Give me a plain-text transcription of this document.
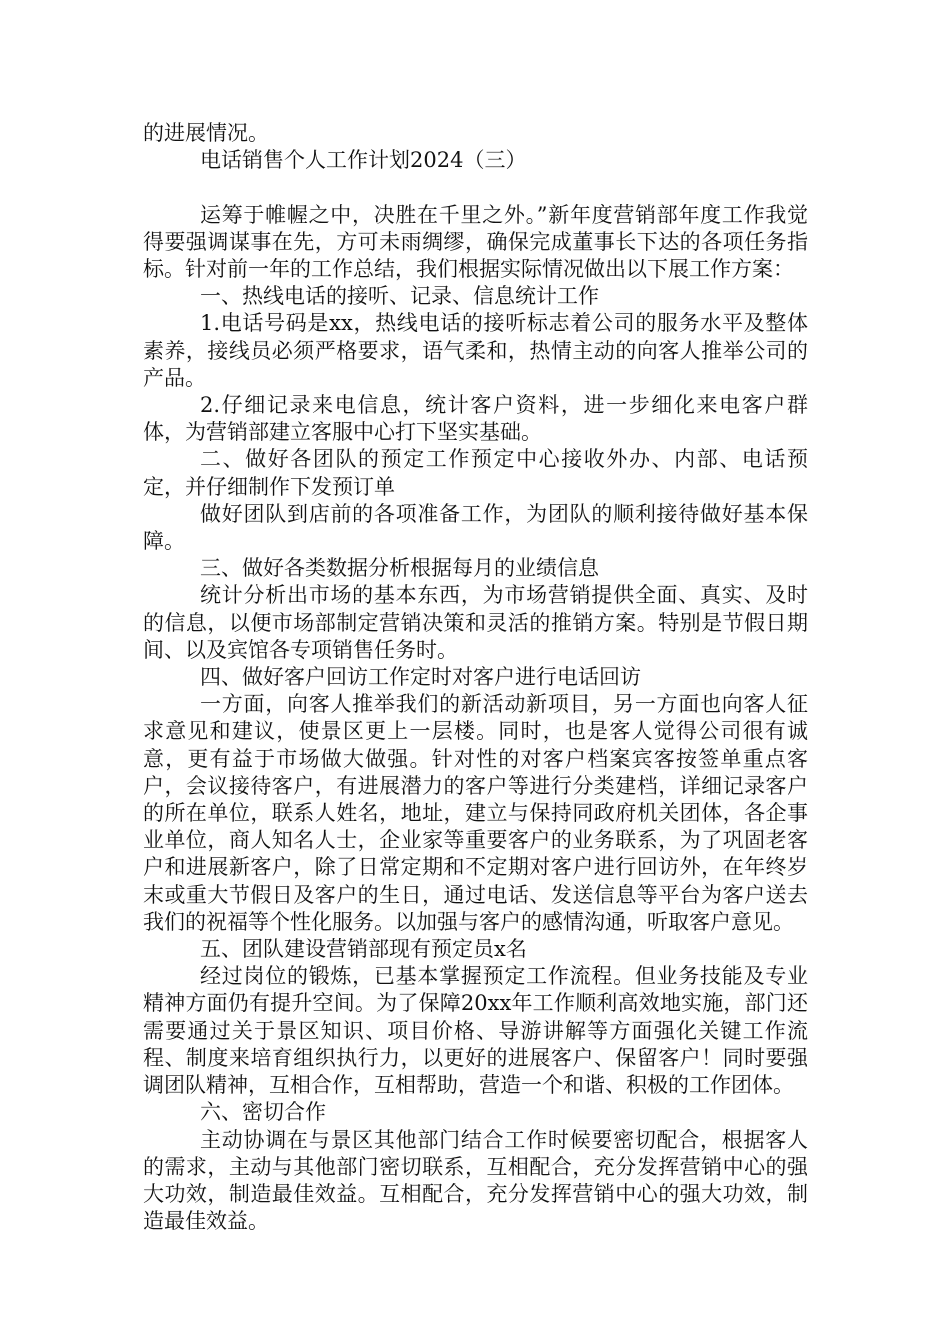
的进展情况。

电话销售个人工作计划2024（三）

运筹于帷幄之中，决胜在千里之外。”新年度营销部年度工作我觉得要强调谋事在先，方可未雨绸缪，确保完成董事长下达的各项任务指标。针对前一年的工作总结，我们根据实际情况做出以下展工作方案：

一、热线电话的接听、记录、信息统计工作

1.电话号码是xx，热线电话的接听标志着公司的服务水平及整体素养，接线员必须严格要求，语气柔和，热情主动的向客人推举公司的产品。

2.仔细记录来电信息，统计客户资料，进一步细化来电客户群体，为营销部建立客服中心打下坚实基础。

二、做好各团队的预定工作预定中心接收外办、内部、电话预定，并仔细制作下发预订单

做好团队到店前的各项准备工作，为团队的顺利接待做好基本保障。

三、做好各类数据分析根据每月的业绩信息

统计分析出市场的基本东西，为市场营销提供全面、真实、及时的信息，以便市场部制定营销决策和灵活的推销方案。特别是节假日期间、以及宾馆各专项销售任务时。

四、做好客户回访工作定时对客户进行电话回访

一方面，向客人推举我们的新活动新项目，另一方面也向客人征求意见和建议，使景区更上一层楼。同时，也是客人觉得公司很有诚意，更有益于市场做大做强。针对性的对客户档案宾客按签单重点客户，会议接待客户，有进展潜力的客户等进行分类建档，详细记录客户的所在单位，联系人姓名，地址，建立与保持同政府机关团体，各企事业单位，商人知名人士，企业家等重要客户的业务联系，为了巩固老客户和进展新客户，除了日常定期和不定期对客户进行回访外，在年终岁末或重大节假日及客户的生日，通过电话、发送信息等平台为客户送去我们的祝福等个性化服务。以加强与客户的感情沟通，听取客户意见。

五、团队建设营销部现有预定员x名

经过岗位的锻炼，已基本掌握预定工作流程。但业务技能及专业精神方面仍有提升空间。为了保障20xx年工作顺利高效地实施，部门还需要通过关于景区知识、项目价格、导游讲解等方面强化关键工作流程、制度来培育组织执行力，以更好的进展客户、保留客户！同时要强调团队精神，互相合作，互相帮助，营造一个和谐、积极的工作团体。

六、密切合作

主动协调在与景区其他部门结合工作时候要密切配合，根据客人的需求，主动与其他部门密切联系，互相配合，充分发挥营销中心的强大功效，制造最佳效益。互相配合，充分发挥营销中心的强大功效，制造最佳效益。
